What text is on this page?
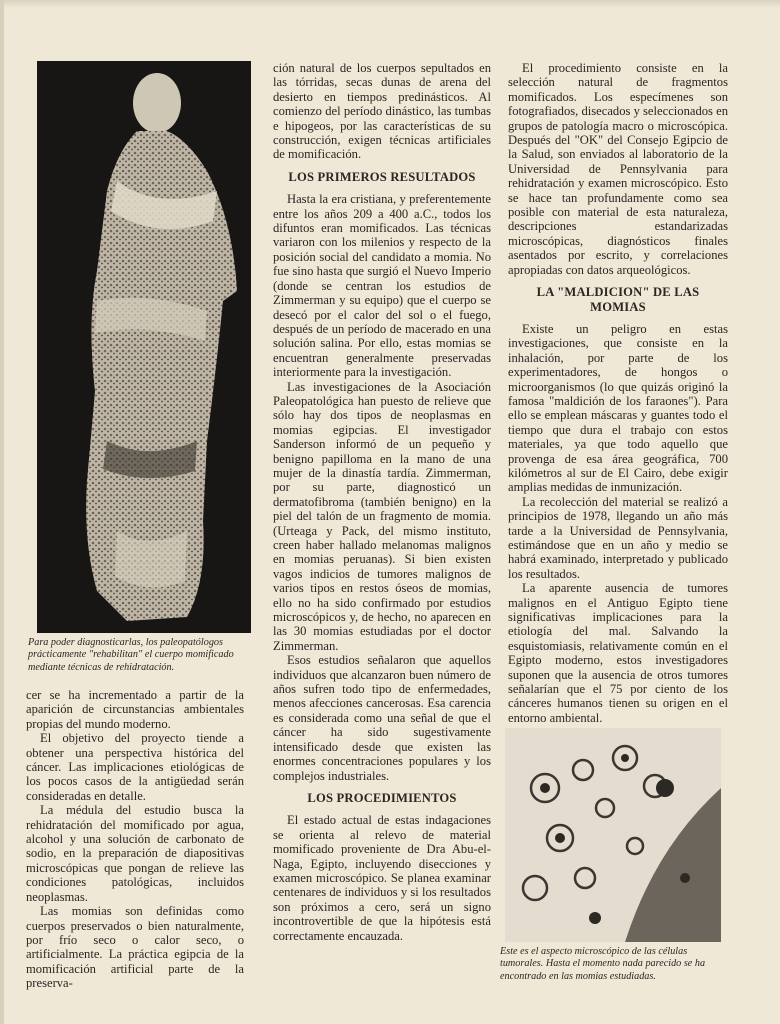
Para poder diagnosticarlas, los paleopatólogos prácticamente "rehabilitan" el cuerpo momificado mediante técnicas de rehidratación.

cer se ha incrementado a partir de la aparición de circunstancias ambientales propias del mundo moderno.

El objetivo del proyecto tiende a obtener una perspectiva histórica del cáncer. Las implicaciones etiológicas de los pocos casos de la antigüedad serán consideradas en detalle.

La médula del estudio busca la rehidratación del momificado por agua, alcohol y una solución de carbonato de sodio, en la preparación de diapositivas microscópicas que pongan de relieve las condiciones patológicas, incluidos neoplasmas.

Las momias son definidas como cuerpos preservados o bien naturalmente, por frío seco o calor seco, o artificialmente. La práctica egipcia de la momificación artificial parte de la preserva-

ción natural de los cuerpos sepultados en las tórridas, secas dunas de arena del desierto en tiempos predinásticos. Al comienzo del período dinástico, las tumbas e hipogeos, por las características de su construcción, exigen técnicas artificiales de momificación.

LOS PRIMEROS RESULTADOS

Hasta la era cristiana, y preferentemente entre los años 209 a 400 a.C., todos los difuntos eran momificados. Las técnicas variaron con los milenios y respecto de la posición social del candidato a momia. No fue sino hasta que surgió el Nuevo Imperio (donde se centran los estudios de Zimmerman y su equipo) que el cuerpo se desecó por el calor del sol o el fuego, después de un período de macerado en una solución salina. Por ello, estas momias se encuentran generalmente preservadas interiormente para la investigación.

Las investigaciones de la Asociación Paleopatológica han puesto de relieve que sólo hay dos tipos de neoplasmas en momias egipcias. El investigador Sanderson informó de un pequeño y benigno papilloma en la mano de una mujer de la dinastía tardía. Zimmerman, por su parte, diagnosticó un dermatofibroma (también benigno) en la piel del talón de un fragmento de momia. (Urteaga y Pack, del mismo instituto, creen haber hallado melanomas malignos en momias peruanas). Si bien existen vagos indicios de tumores malignos de varios tipos en restos óseos de momias, ello no ha sido confirmado por estudios microscópicos y, de hecho, no aparecen en las 30 momias estudiadas por el doctor Zimmerman.

Esos estudios señalaron que aquellos individuos que alcanzaron buen número de años sufren todo tipo de enfermedades, menos afecciones cancerosas. Esa carencia es considerada como una señal de que el cáncer ha sido sugestivamente intensificado desde que existen las enormes concentraciones populares y los complejos industriales.

LOS PROCEDIMIENTOS

El estado actual de estas indagaciones se orienta al relevo de material momificado proveniente de Dra Abu-el-Naga, Egipto, incluyendo disecciones y examen microscópico. Se planea examinar centenares de individuos y si los resultados son próximos a cero, será un signo incontrovertible de que la hipótesis está correctamente encauzada.

El procedimiento consiste en la selección natural de fragmentos momificados. Los especímenes son fotografiados, disecados y seleccionados en grupos de patología macro o microscópica. Después del "OK" del Consejo Egipcio de la Salud, son enviados al laboratorio de la Universidad de Pennsylvania para rehidratación y examen microscópico. Esto se hace tan profundamente como sea posible con material de esta naturaleza, descripciones estandarizadas microscópicas, diagnósticos finales asentados por escrito, y correlaciones apropiadas con datos arqueológicos.

LA "MALDICION" DE LAS MOMIAS

Existe un peligro en estas investigaciones, que consiste en la inhalación, por parte de los experimentadores, de hongos o microorganismos (lo que quizás originó la famosa "maldición de los faraones"). Para ello se emplean máscaras y guantes todo el tiempo que dura el trabajo con estos materiales, ya que todo aquello que provenga de esa área geográfica, 700 kilómetros al sur de El Cairo, debe exigir amplias medidas de inmunización.

La recolección del material se realizó a principios de 1978, llegando un año más tarde a la Universidad de Pennsylvania, estimándose que en un año y medio se habrá examinado, interpretado y publicado los resultados.

La aparente ausencia de tumores malignos en el Antiguo Egipto tiene significativas implicaciones para la etiología del mal. Salvando la esquistomiasis, relativamente común en el Egipto moderno, estos investigadores suponen que la ausencia de otros tumores señalarían que el 75 por ciento de los cánceres humanos tienen su origen en el entorno ambiental.

Este es el aspecto microscópico de las células tumorales. Hasta el momento nada parecido se ha encontrado en las momias estudiadas.
